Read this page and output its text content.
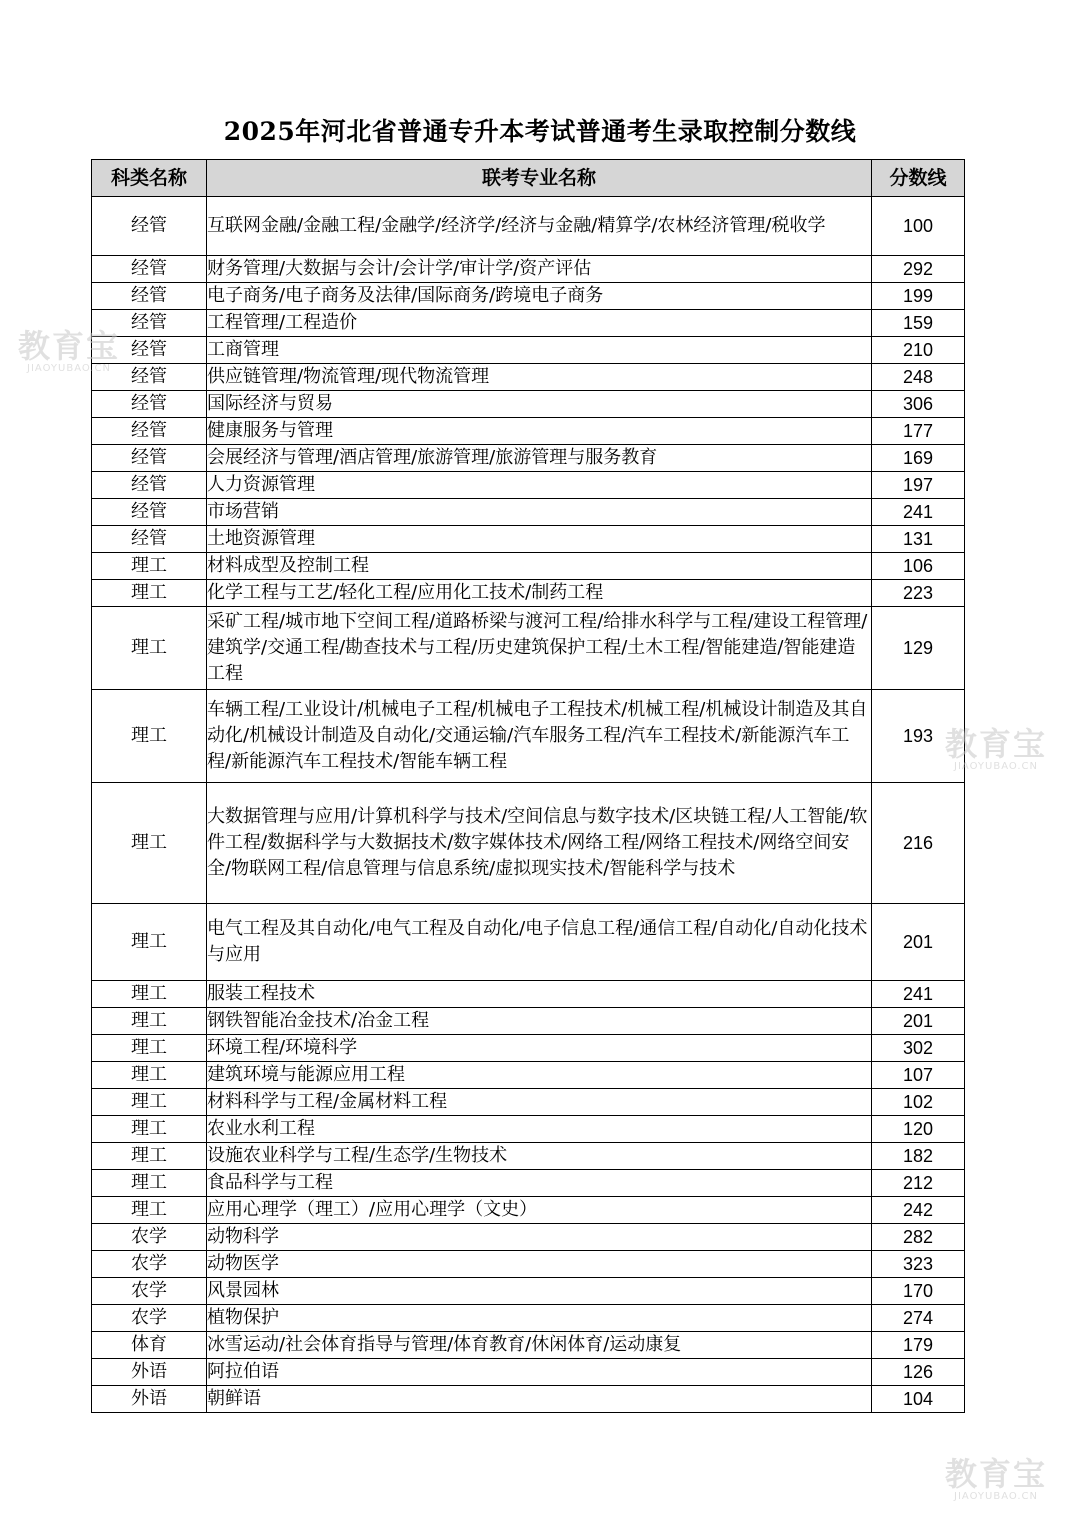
2025年河北省普通专升本考试普通考生录取控制分数线
科类名称	联考专业名称	分数线
经管	互联网金融/金融工程/金融学/经济学/经济与金融/精算学/农林经济管理/税收学	100
经管	财务管理/大数据与会计/会计学/审计学/资产评估	292
经管	电子商务/电子商务及法律/国际商务/跨境电子商务	199
经管	工程管理/工程造价	159
经管	工商管理	210
经管	供应链管理/物流管理/现代物流管理	248
经管	国际经济与贸易	306
经管	健康服务与管理	177
经管	会展经济与管理/酒店管理/旅游管理/旅游管理与服务教育	169
经管	人力资源管理	197
经管	市场营销	241
经管	土地资源管理	131
理工	材料成型及控制工程	106
理工	化学工程与工艺/轻化工程/应用化工技术/制药工程	223
理工	采矿工程/城市地下空间工程/道路桥梁与渡河工程/给排水科学与工程/建设工程管理/建筑学/交通工程/勘查技术与工程/历史建筑保护工程/土木工程/智能建造/智能建造工程	129
理工	车辆工程/工业设计/机械电子工程/机械电子工程技术/机械工程/机械设计制造及其自动化/机械设计制造及自动化/交通运输/汽车服务工程/汽车工程技术/新能源汽车工程/新能源汽车工程技术/智能车辆工程	193
理工	大数据管理与应用/计算机科学与技术/空间信息与数字技术/区块链工程/人工智能/软件工程/数据科学与大数据技术/数字媒体技术/网络工程/网络工程技术/网络空间安全/物联网工程/信息管理与信息系统/虚拟现实技术/智能科学与技术	216
理工	电气工程及其自动化/电气工程及自动化/电子信息工程/通信工程/自动化/自动化技术与应用	201
理工	服装工程技术	241
理工	钢铁智能冶金技术/冶金工程	201
理工	环境工程/环境科学	302
理工	建筑环境与能源应用工程	107
理工	材料科学与工程/金属材料工程	102
理工	农业水利工程	120
理工	设施农业科学与工程/生态学/生物技术	182
理工	食品科学与工程	212
理工	应用心理学（理工）/应用心理学（文史）	242
农学	动物科学	282
农学	动物医学	323
农学	风景园林	170
农学	植物保护	274
体育	冰雪运动/社会体育指导与管理/体育教育/休闲体育/运动康复	179
外语	阿拉伯语	126
外语	朝鲜语	104
教育宝
JIAOYUBAO.CN
教育宝
JIAOYUBAO.CN
教育宝
JIAOYUBAO.CN
